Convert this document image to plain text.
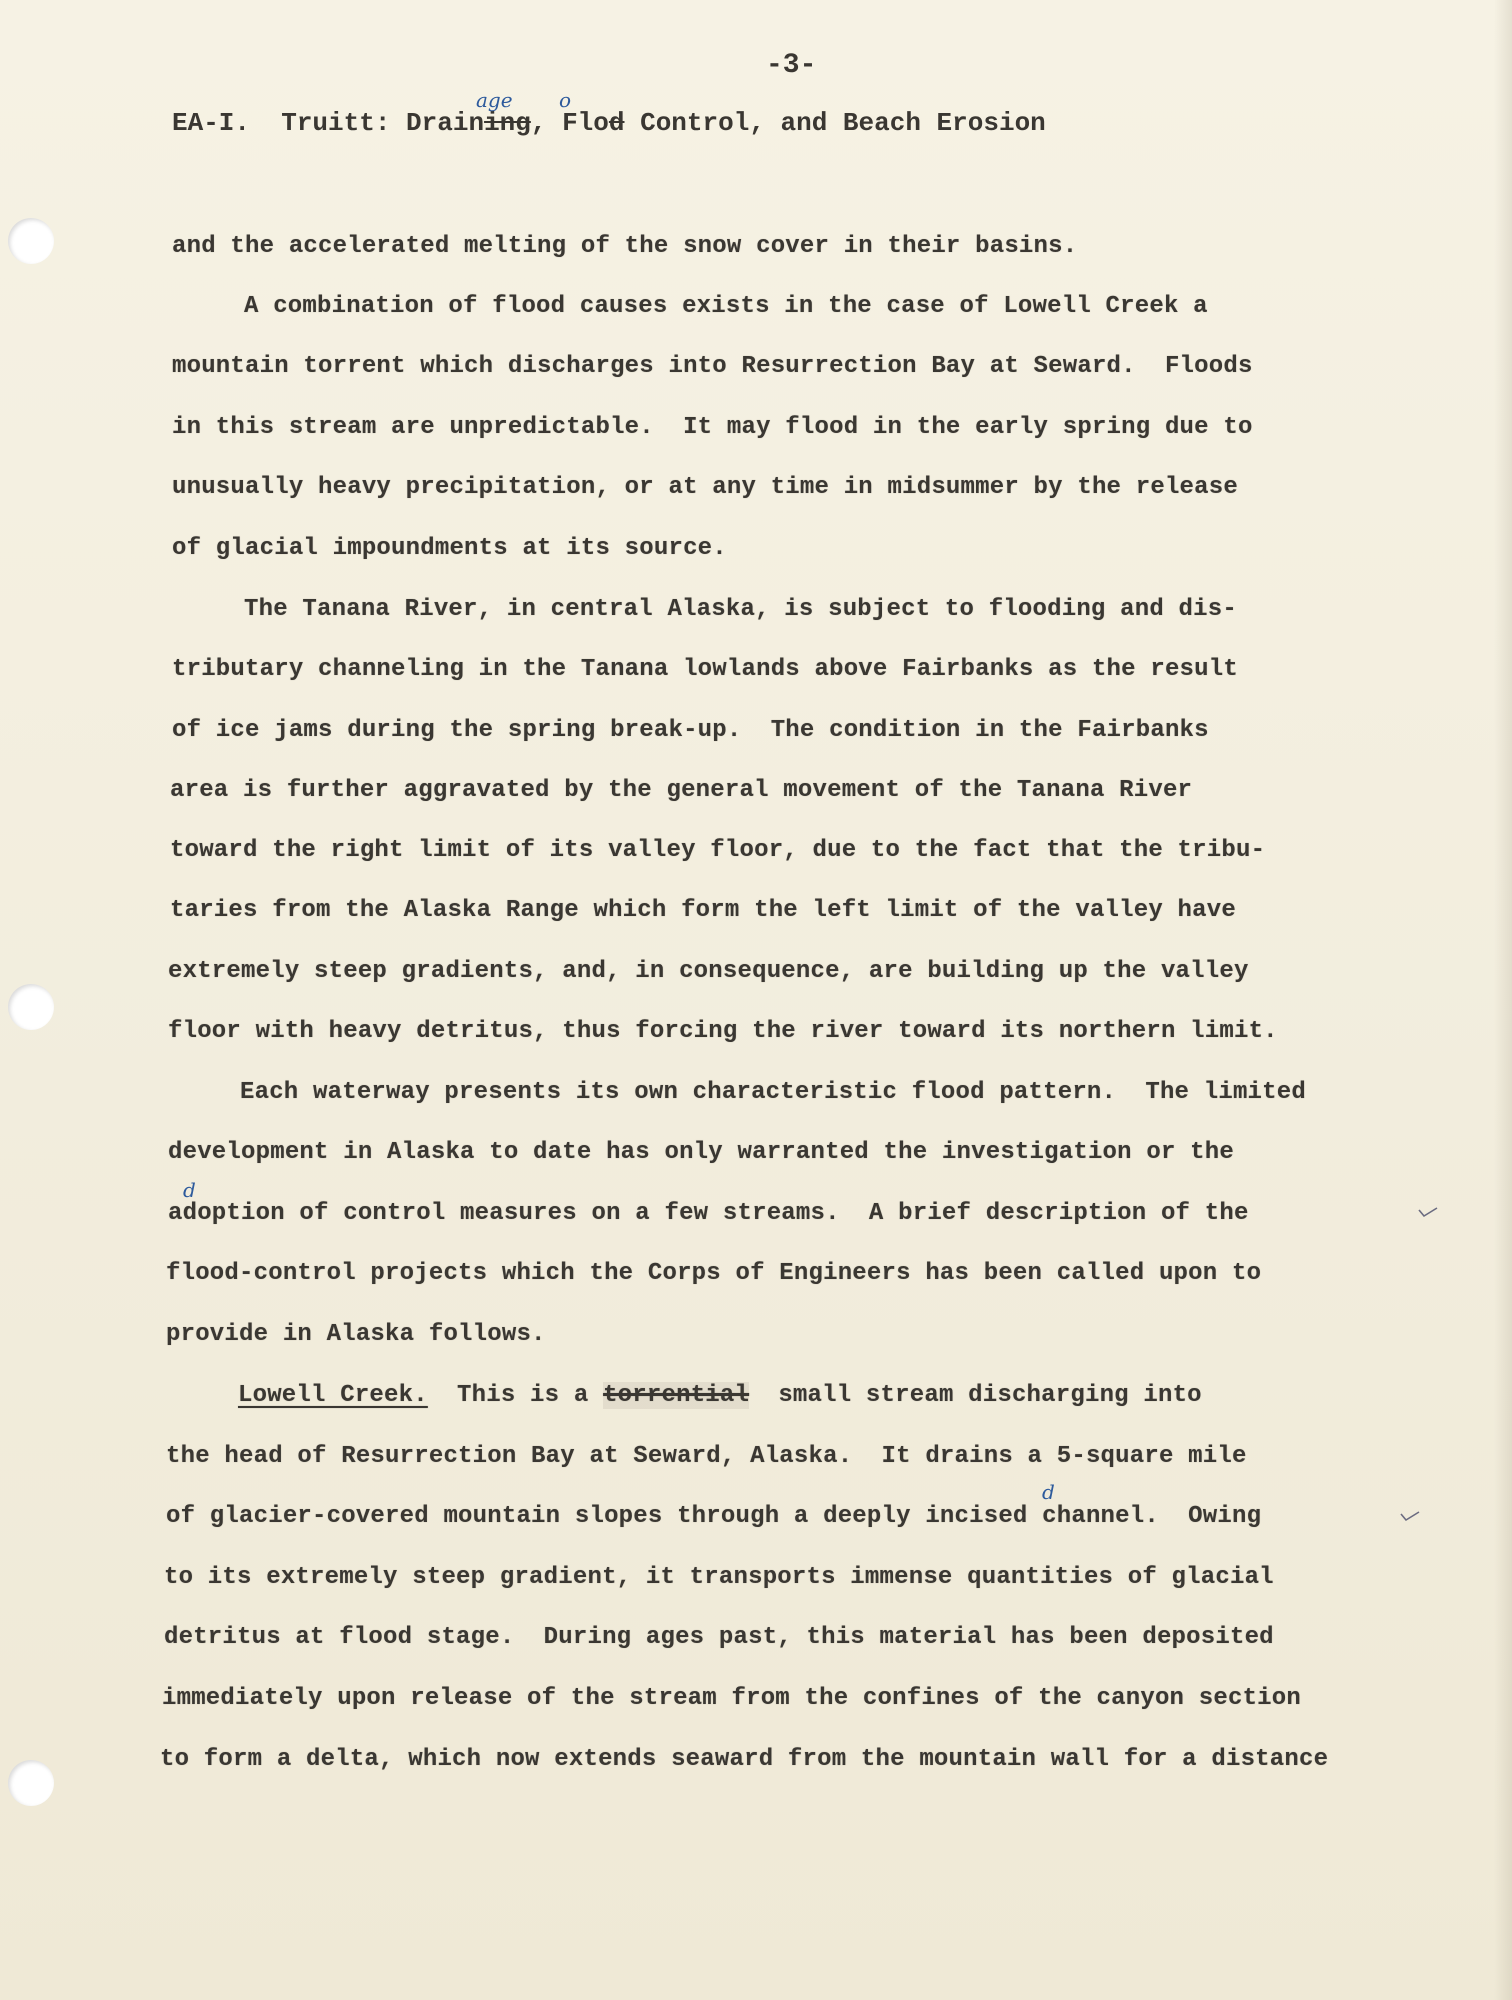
-3-
EA-I.  Truitt: Draining, Flod Control, and Beach Erosion
age o
and the accelerated melting of the snow cover in their basins.
A combination of flood causes exists in the case of Lowell Creek a
mountain torrent which discharges into Resurrection Bay at Seward.  Floods
in this stream are unpredictable.  It may flood in the early spring due to
unusually heavy precipitation, or at any time in midsummer by the release
of glacial impoundments at its source.
The Tanana River, in central Alaska, is subject to flooding and dis-
tributary channeling in the Tanana lowlands above Fairbanks as the result
of ice jams during the spring break-up.  The condition in the Fairbanks
area is further aggravated by the general movement of the Tanana River
toward the right limit of its valley floor, due to the fact that the tribu-
taries from the Alaska Range which form the left limit of the valley have
extremely steep gradients, and, in consequence, are building up the valley
floor with heavy detritus, thus forcing the river toward its northern limit.
Each waterway presents its own characteristic flood pattern.  The limited
development in Alaska to date has only warranted the investigation or the
adoption of control measures on a few streams.  A brief description of the
d
flood-control projects which the Corps of Engineers has been called upon to
provide in Alaska follows.
Lowell Creek.  This is a torrential  small stream discharging into
the head of Resurrection Bay at Seward, Alaska.  It drains a 5-square mile
of glacier-covered mountain slopes through a deeply incised channel.  Owing
d
to its extremely steep gradient, it transports immense quantities of glacial
detritus at flood stage.  During ages past, this material has been deposited
immediately upon release of the stream from the confines of the canyon section
to form a delta, which now extends seaward from the mountain wall for a distance
